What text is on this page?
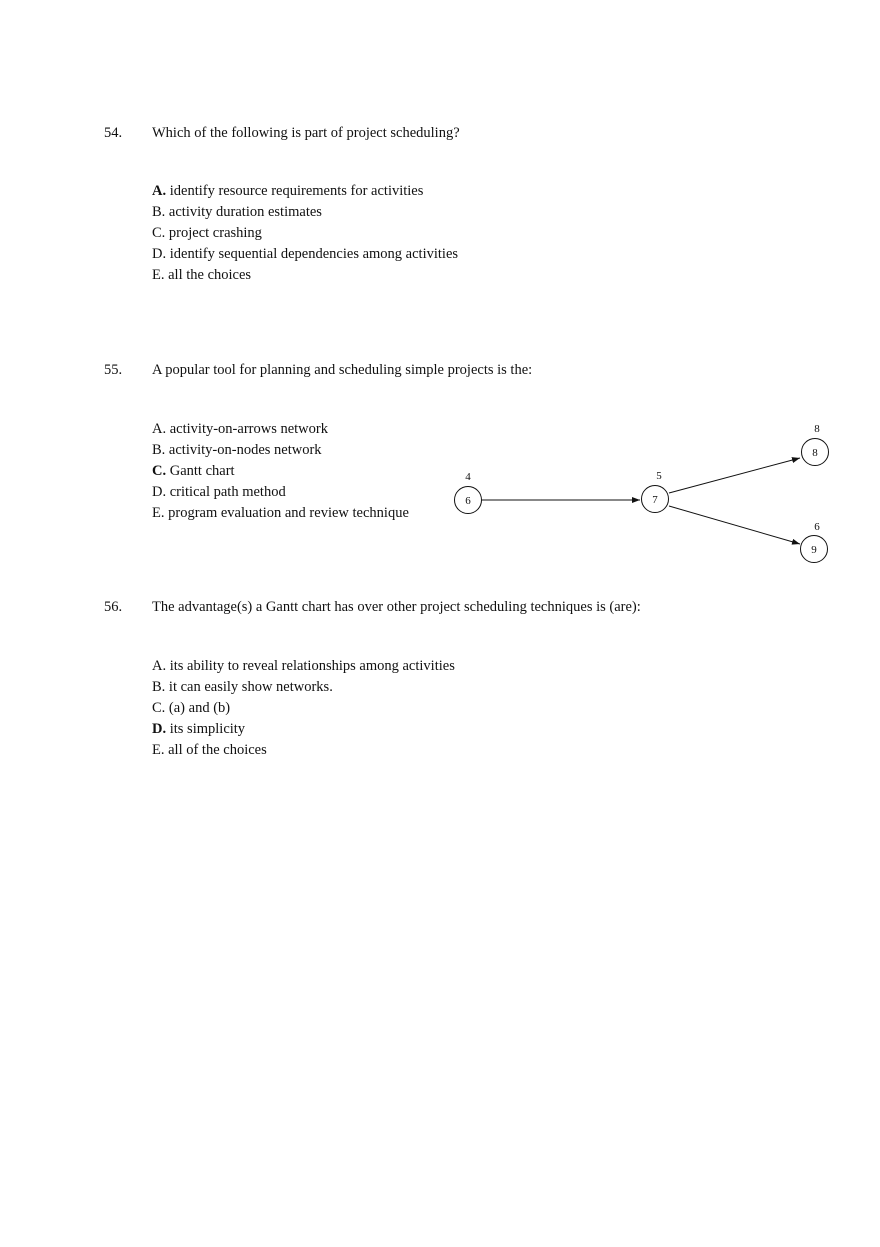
54. Which of the following is part of project scheduling?
A. identify resource requirements for activities
B. activity duration estimates
C. project crashing
D. identify sequential dependencies among activities
E. all the choices
55. A popular tool for planning and scheduling simple projects is the:
A. activity-on-arrows network
B. activity-on-nodes network
C. Gantt chart
D. critical path method
E. program evaluation and review technique
6
4
7
5
8
8
9
6
56. The advantage(s) a Gantt chart has over other project scheduling techniques is (are):
A. its ability to reveal relationships among activities
B. it can easily show networks.
C. (a) and (b)
D. its simplicity
E. all of the choices
